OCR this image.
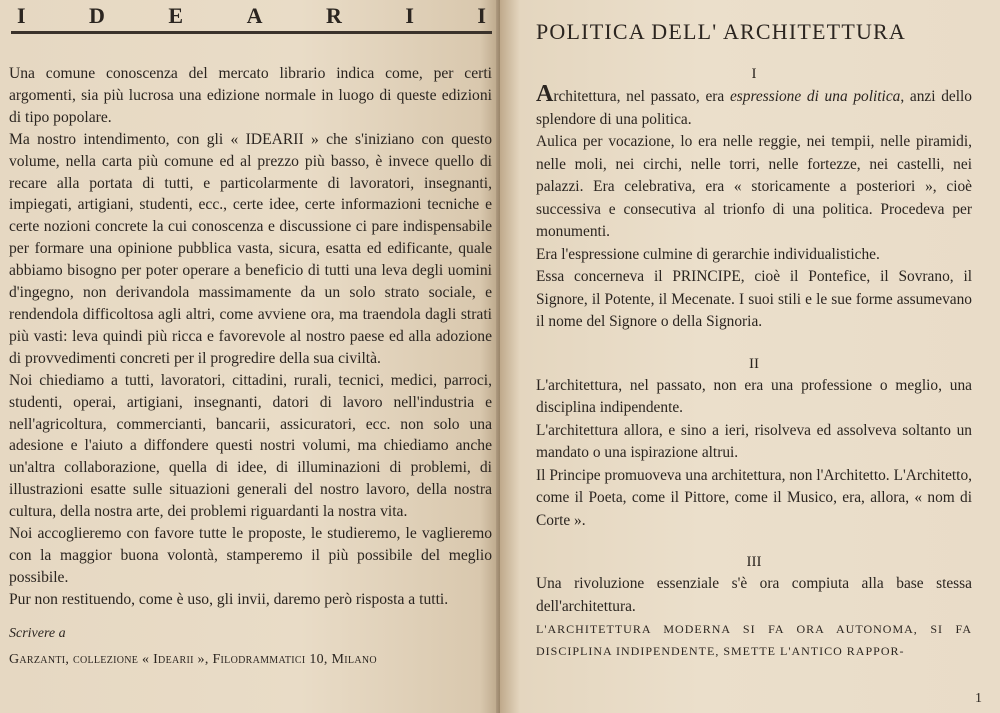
I	D	E	A	R	I	I

Una comune conoscenza del mercato librario indica come, per certi argomenti, sia più lucrosa una edizione normale in luogo di queste edizioni di tipo popolare.

Ma nostro intendimento, con gli « IDEARII » che s'iniziano con questo volume, nella carta più comune ed al prezzo più basso, è invece quello di recare alla portata di tutti, e particolarmente di lavoratori, insegnanti, impiegati, artigiani, studenti, ecc., certe idee, certe informazioni tecniche e certe nozioni concrete la cui conoscenza e discussione ci pare indispensabile per formare una opinione pubblica vasta, sicura, esatta ed edificante, quale abbiamo bisogno per poter operare a beneficio di tutti una leva degli uomini d'ingegno, non derivandola massimamente da un solo strato sociale, e rendendola difficoltosa agli altri, come avviene ora, ma traendola dagli strati più vasti: leva quindi più ricca e favorevole al nostro paese ed alla adozione di provvedimenti concreti per il progredire della sua civiltà.

Noi chiediamo a tutti, lavoratori, cittadini, rurali, tecnici, medici, parroci, studenti, operai, artigiani, insegnanti, datori di lavoro nell'industria e nell'agricoltura, commercianti, bancarii, assicuratori, ecc. non solo una adesione e l'aiuto a diffondere questi nostri volumi, ma chiediamo anche un'altra collaborazione, quella di idee, di illuminazioni di problemi, di illustrazioni esatte sulle situazioni generali del nostro lavoro, della nostra cultura, della nostra arte, dei problemi riguardanti la nostra vita.

Noi accoglieremo con favore tutte le proposte, le studieremo, le vaglieremo con la maggior buona volontà, stamperemo il più possibile del meglio possibile.

Pur non restituendo, come è uso, gli invii, daremo però risposta a tutti.

Scrivere a
Garzanti, collezione « Idearii », Filodrammatici 10, Milano
POLITICA DELL' ARCHITETTURA
I

Architettura, nel passato, era espressione di una politica, anzi dello splendore di una politica.

Aulica per vocazione, lo era nelle reggie, nei tempii, nelle piramidi, nelle moli, nei circhi, nelle torri, nelle fortezze, nei castelli, nei palazzi. Era celebrativa, era « storicamente a posteriori », cioè successiva e consecutiva al trionfo di una politica. Procedeva per monumenti.

Era l'espressione culmine di gerarchie individualistiche.

Essa concerneva il PRINCIPE, cioè il Pontefice, il Sovrano, il Signore, il Potente, il Mecenate. I suoi stili e le sue forme assumevano il nome del Signore o della Signoria.

II

L'architettura, nel passato, non era una professione o meglio, una disciplina indipendente.

L'architettura allora, e sino a ieri, risolveva ed assolveva soltanto un mandato o una ispirazione altrui.

Il Principe promuoveva una architettura, non l'Architetto. L'Architetto, come il Poeta, come il Pittore, come il Musico, era, allora, « nom di Corte ».

III

Una rivoluzione essenziale s'è ora compiuta alla base stessa dell'architettura.

L'ARCHITETTURA MODERNA SI FA ORA AUTONOMA, SI FA DISCIPLINA INDIPENDENTE, SMETTE L'ANTICO RAPPOR-

1
